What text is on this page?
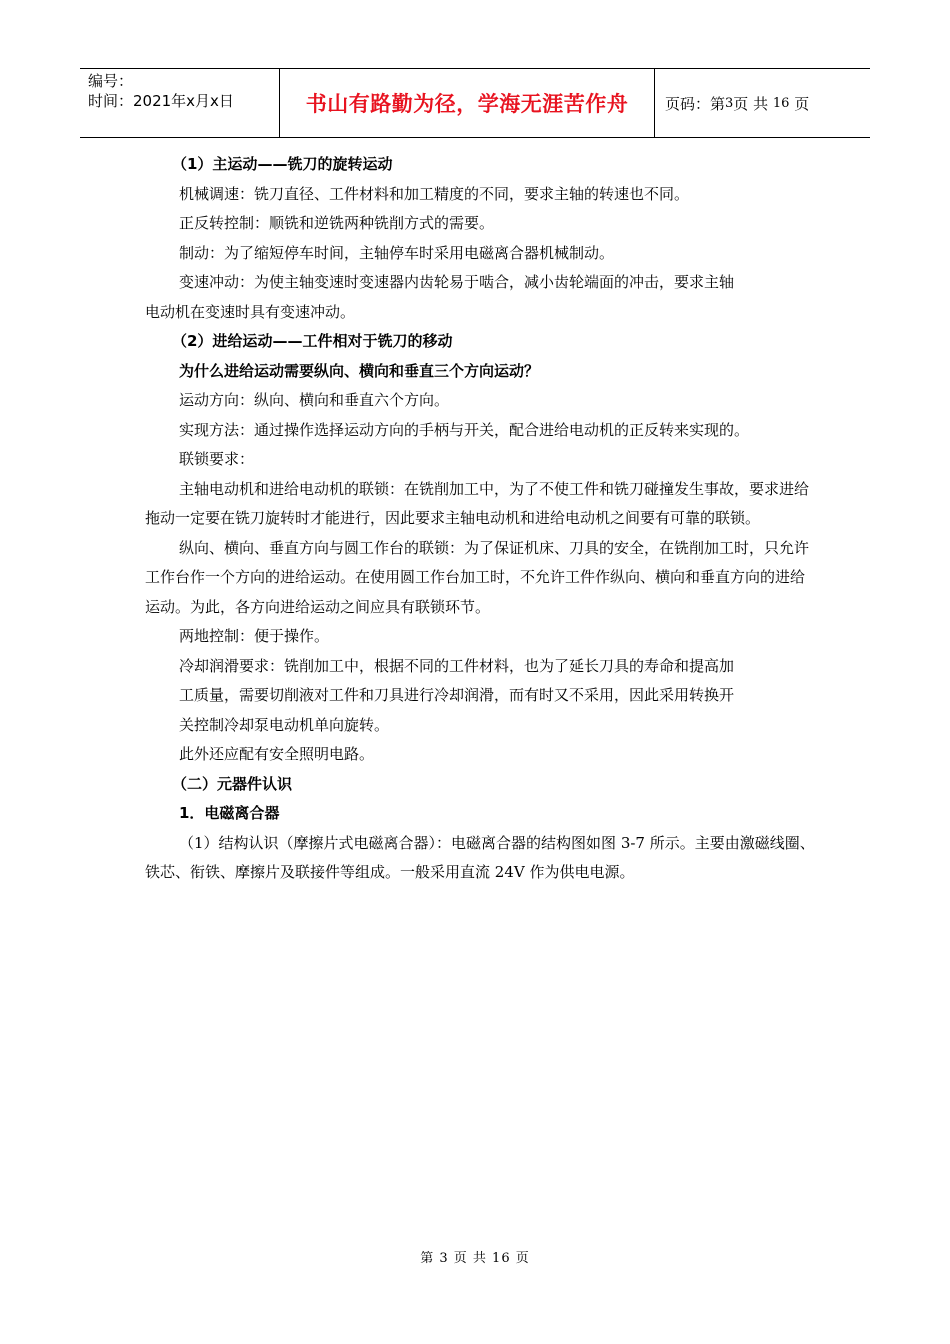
编号：
时间：2021年x月x日	书山有路勤为径，学海无涯苦作舟	页码：第 3 页 共
16
页

（1）主运动——铣刀的旋转运动

机械调速：铣刀直径、工件材料和加工精度的不同，要求主轴的转速也不同。

正反转控制：顺铣和逆铣两种铣削方式的需要。

制动：为了缩短停车时间，主轴停车时采用电磁离合器机械制动。

变速冲动：为使主轴变速时变速器内齿轮易于啮合，减小齿轮端面的冲击，要求主轴

电动机在变速时具有变速冲动。

（2）进给运动——工件相对于铣刀的移动

为什么进给运动需要纵向、横向和垂直三个方向运动？

运动方向：纵向、横向和垂直六个方向。

实现方法：通过操作选择运动方向的手柄与开关，配合进给电动机的正反转来实现的。

联锁要求：

主轴电动机和进给电动机的联锁：在铣削加工中，为了不使工件和铣刀碰撞发生事故，要求进给拖动一定要在铣刀旋转时才能进行，因此要求主轴电动机和进给电动机之间要有可靠的联锁。

纵向、横向、垂直方向与圆工作台的联锁：为了保证机床、刀具的安全，在铣削加工时，只允许工作台作一个方向的进给运动。在使用圆工作台加工时，不允许工件作纵向、横向和垂直方向的进给运动。为此，各方向进给运动之间应具有联锁环节。

两地控制：便于操作。

冷却润滑要求：铣削加工中，根据不同的工件材料，也为了延长刀具的寿命和提高加

工质量，需要切削液对工件和刀具进行冷却润滑，而有时又不采用，因此采用转换开

关控制冷却泵电动机单向旋转。

此外还应配有安全照明电路。

（二）元器件认识

1．电磁离合器

（1）结构认识（摩擦片式电磁离合器）：电磁离合器的结构图如图 3-7 所示。主要由激磁线圈、铁芯、衔铁、摩擦片及联接件等组成。一般采用直流 24V 作为供电电源。

第 3 页 共 16 页
